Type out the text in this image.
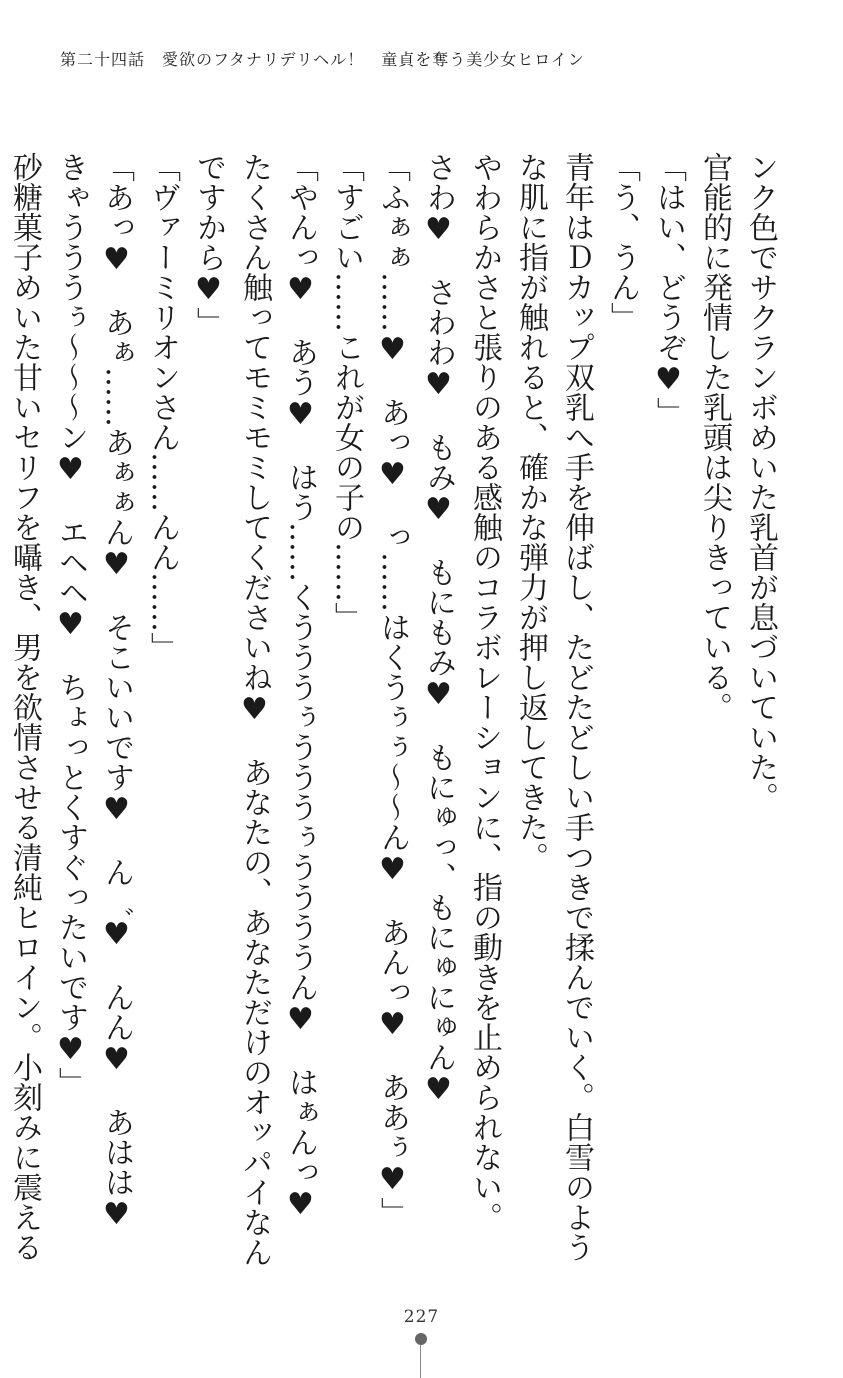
第二十四話　愛欲のフタナリデリヘル！　童貞を奪う美少女ヒロイン

ンク色でサクランボめいた乳首が息づいていた。

官能的に発情した乳頭は尖りきっている。

「はい、どうぞ♥」

「う、うん」

青年はＤカップ双乳へ手を伸ばし、たどたどしい手つきで揉んでいく。白雪のような肌に指が触れると、確かな弾力が押し返してきた。

やわらかさと張りのある感触のコラボレーションに、指の動きを止められない。

さわ♥　さわわ♥　もみ♥　もにもみ♥　もにゅっ、もにゅにゅん♥

「ふぁぁ……♥　あっ♥　っ……はくうぅぅ～～ん♥　あんっ♥　ああぅ♥」

「すごい……これが女の子の……」

「やんっ♥　あう♥　はう……くうううぅうううぅううううん♥　はぁんっ♥　たくさん触ってモミモミしてくださいね♥　あなたの、あなただけのオッパイなんですから♥」

「ヴァーミリオンさん……んん……」

「あっ♥　あぁ……あぁぁん♥　そこいいです♥　ん゛♥　んん♥　あはは♥　きゃうううぅ～～～ン♥　エヘヘ♥　ちょっとくすぐったいです♥」

砂糖菓子めいた甘いセリフを囁き、男を欲情させる清純ヒロイン。小刻みに震える

227
